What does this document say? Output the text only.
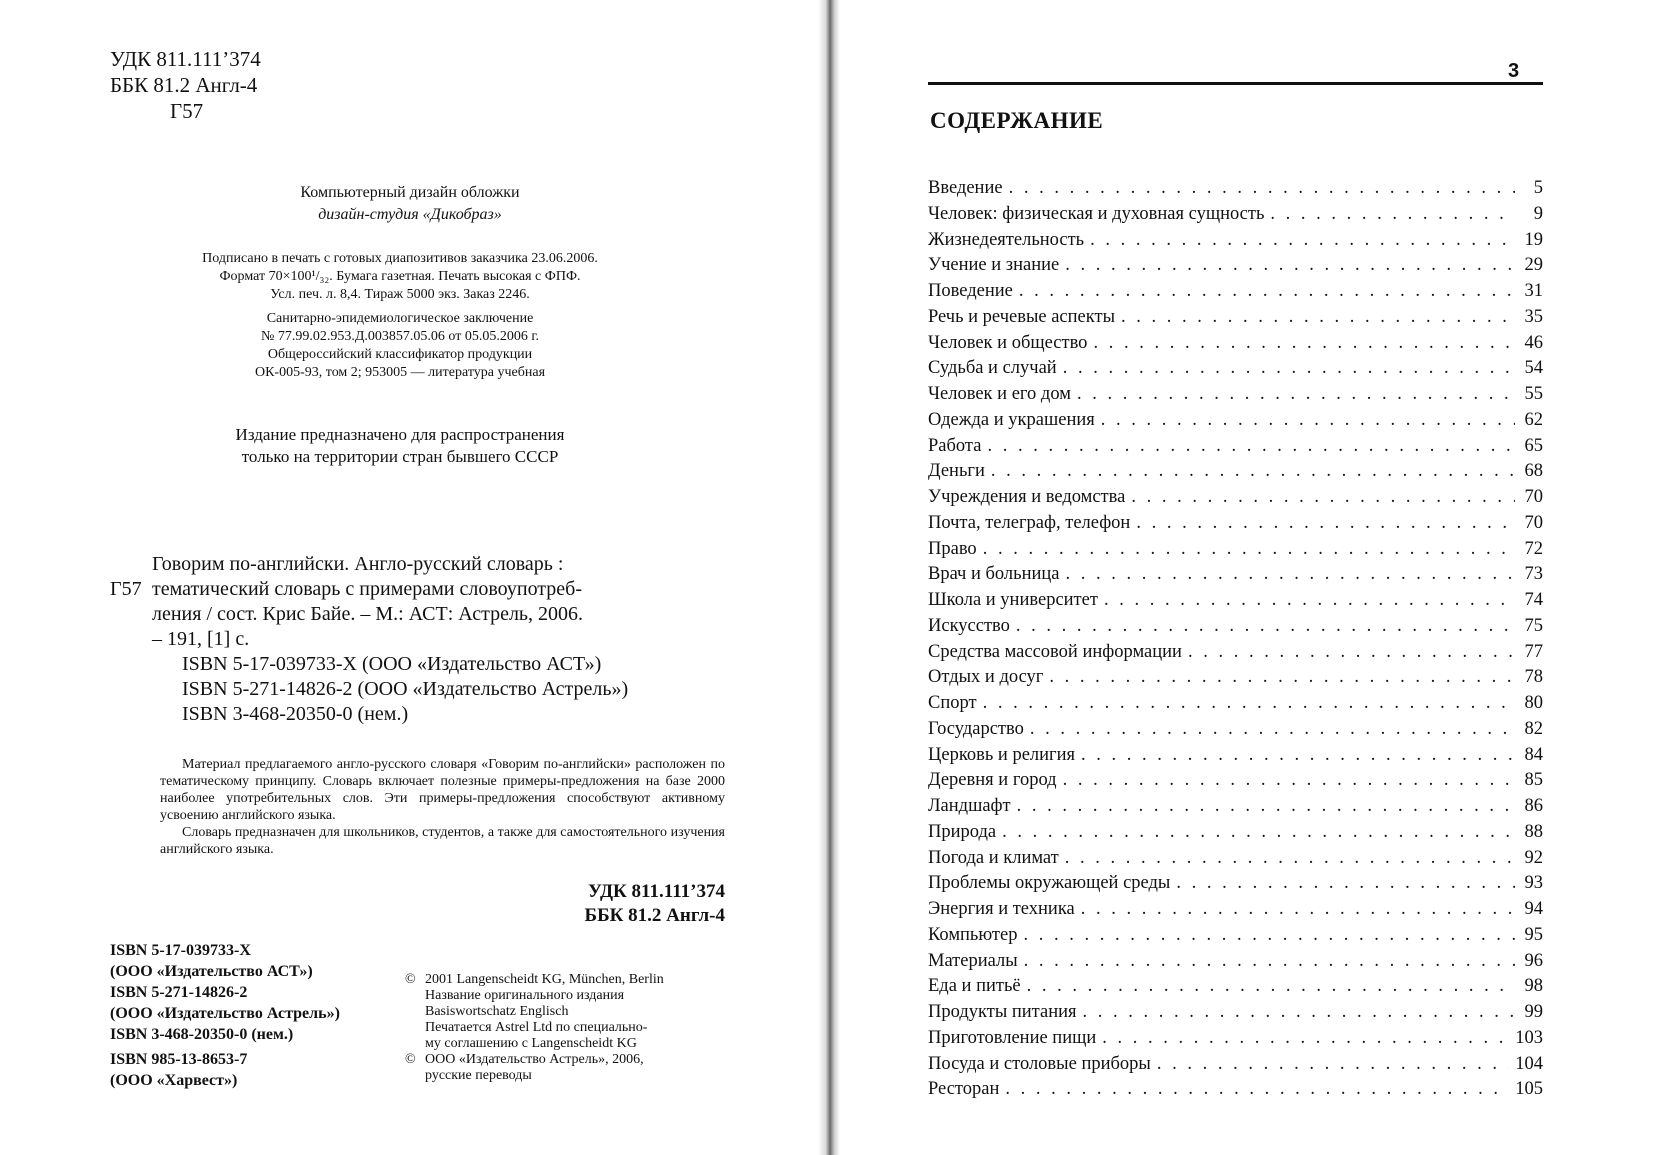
УДК 811.111’374
ББК 81.2 Англ-4
Г57
Компьютерный дизайн обложки
дизайн-студия «Дикобраз»
Подписано в печать с готовых диапозитивов заказчика 23.06.2006.
Формат 70×100¹/₃₂. Бумага газетная. Печать высокая с ФПФ.
Усл. печ. л. 8,4. Тираж 5000 экз. Заказ 2246.
Санитарно-эпидемиологическое заключение
№ 77.99.02.953.Д.003857.05.06 от 05.05.2006 г.
Общероссийский классификатор продукции
ОК-005-93, том 2; 953005 — литература учебная
Издание предназначено для распространения
только на территории стран бывшего СССР
Говорим по-английски. Англо-русский словарь :
Г57 тематический словарь с примерами словоупотреб-
ления / сост. Крис Байе. – М.: АСТ: Астрель, 2006.
– 191, [1] с.
ISBN 5-17-039733-X (ООО «Издательство АСТ»)
ISBN 5-271-14826-2 (ООО «Издательство Астрель»)
ISBN 3-468-20350-0 (нем.)

Материал предлагаемого англо-русского словаря «Говорим по-английски» расположен по тематическому принципу. Словарь включает полезные примеры-предложения на базе 2000 наиболее употребительных слов. Эти примеры-предложения способствуют активному усвоению английского языка.

Словарь предназначен для школьников, студентов, а также для самостоятельного изучения английского языка.

УДК 811.111’374
ББК 81.2 Англ-4
ISBN 5-17-039733-X
(ООО «Издательство АСТ»)
ISBN 5-271-14826-2
(ООО «Издательство Астрель»)
ISBN 3-468-20350-0 (нем.)
ISBN 985-13-8653-7
(ООО «Харвест»)
© 2001 Langenscheidt KG, München, Berlin
Название оригинального издания
Basiswortschatz Englisch
Печатается Astrel Ltd по специально-
му соглашению с Langenscheidt KG
© ООО «Издательство Астрель», 2006,
русские переводы
3
СОДЕРЖАНИЕ
Введение . . .	5
Человек: физическая и духовная сущность . . .	9
Жизнедеятельность . . .	19
Учение и знание . . .	29
Поведение . . .	31
Речь и речевые аспекты . . .	35
Человек и общество . . .	46
Судьба и случай . . .	54
Человек и его дом . . .	55
Одежда и украшения . . .	62
Работа . . .	65
Деньги . . .	68
Учреждения и ведомства . . .	70
Почта, телеграф, телефон . . .	70
Право . . .	72
Врач и больница . . .	73
Школа и университет . . .	74
Искусство . . .	75
Средства массовой информации . . .	77
Отдых и досуг . . .	78
Спорт . . .	80
Государство . . .	82
Церковь и религия . . .	84
Деревня и город . . .	85
Ландшафт . . .	86
Природа . . .	88
Погода и климат . . .	92
Проблемы окружающей среды . . .	93
Энергия и техника . . .	94
Компьютер . . .	95
Материалы . . .	96
Еда и питьё . . .	98
Продукты питания . . .	99
Приготовление пищи . . .	103
Посуда и столовые приборы . . .	104
Ресторан . . .	105
